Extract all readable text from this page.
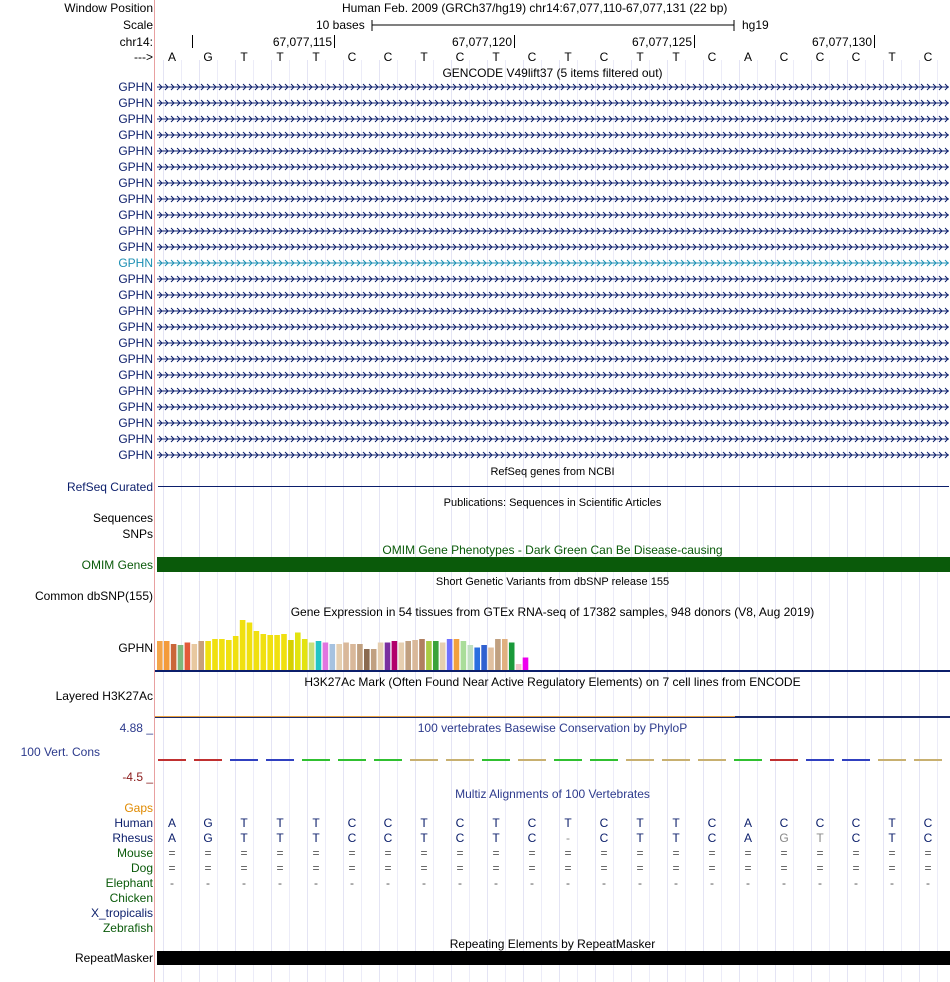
Window Position
Scale
chr14:
--->
Human Feb. 2009 (GRCh37/hg19) chr14:67,077,110-67,077,131 (22 bp)
10 bases	hg19
67,077,115	67,077,120	67,077,125	67,077,130
A G T T T C C T C T C T C T T C A C C C T C
GENCODE V49lift37 (5 items filtered out)
GPHN
GPHN
GPHN
GPHN
GPHN
GPHN
GPHN
GPHN
GPHN
GPHN
GPHN
GPHN
GPHN
GPHN
GPHN
GPHN
GPHN
GPHN
GPHN
GPHN
GPHN
GPHN
GPHN
GPHN
RefSeq genes from NCBI
RefSeq Curated
Publications: Sequences in Scientific Articles
Sequences
SNPs
OMIM Gene Phenotypes - Dark Green Can Be Disease-causing
OMIM Genes
Short Genetic Variants from dbSNP release 155
Common dbSNP(155)
Gene Expression in 54 tissues from GTEx RNA-seq of 17382 samples, 948 donors (V8, Aug 2019)
GPHN
H3K27Ac Mark (Often Found Near Active Regulatory Elements) on 7 cell lines from ENCODE
Layered H3K27Ac
100 vertebrates Basewise Conservation by PhyloP
4.88 _
100 Vert. Cons
-4.5 _
Multiz Alignments of 100 Vertebrates
Gaps
Human A G T T T C C T C T C T C T T C A C C C T C
Rhesus A G T T T C C T C T C - C T T C A G T C T C
Mouse = = = = = = = = = = = = = = = = = = = = = =
Dog = = = = = = = = = = = = = = = = = = = = = =
Elephant -	-	-	-	-	-	-	-	-	-	-	-	-	-	-	-	-	-	-	-	-	-
Chicken
X_tropicalis
Zebrafish
Repeating Elements by RepeatMasker
RepeatMasker
